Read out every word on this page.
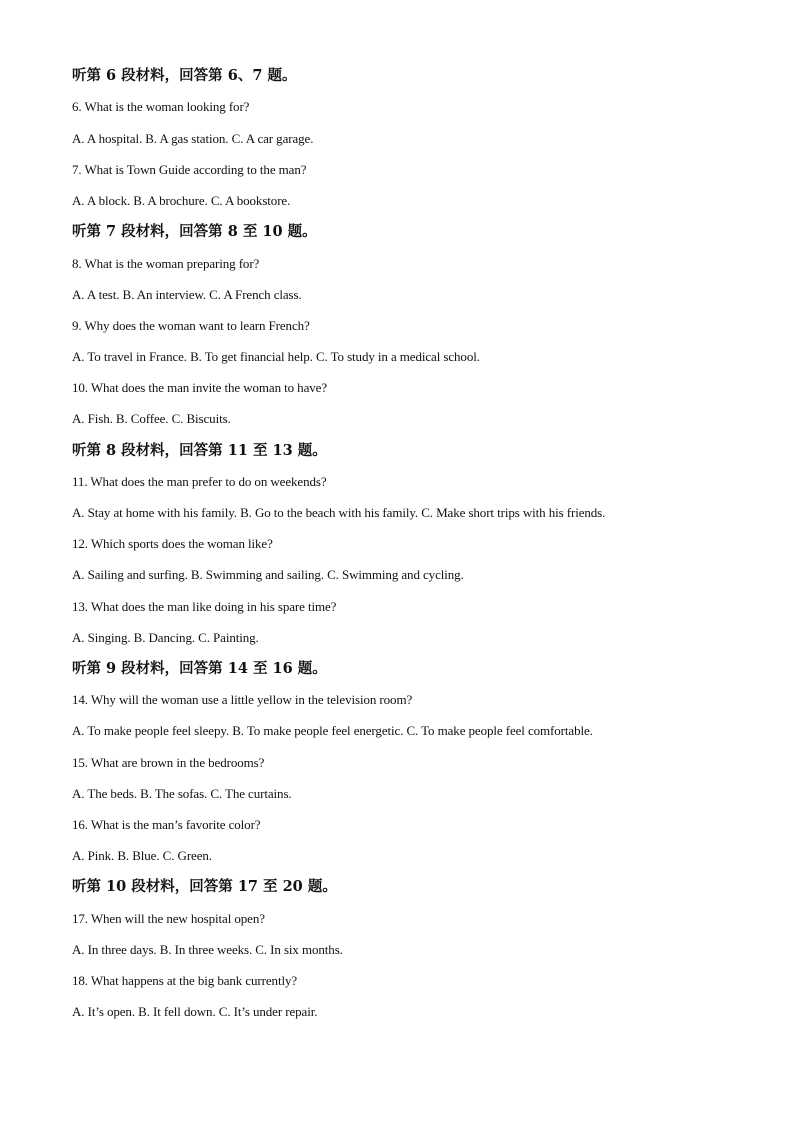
听第 6 段材料，回答第 6、7 题。
6. What is the woman looking for?
A. A hospital. B. A gas station. C. A car garage.
7. What is Town Guide according to the man?
A. A block. B. A brochure. C. A bookstore.
听第 7 段材料，回答第 8 至 10 题。
8. What is the woman preparing for?
A. A test. B. An interview. C. A French class.
9. Why does the woman want to learn French?
A. To travel in France. B. To get financial help. C. To study in a medical school.
10. What does the man invite the woman to have?
A. Fish. B. Coffee. C. Biscuits.
听第 8 段材料，回答第 11 至 13 题。
11. What does the man prefer to do on weekends?
A. Stay at home with his family. B. Go to the beach with his family. C. Make short trips with his friends.
12. Which sports does the woman like?
A. Sailing and surfing. B. Swimming and sailing. C. Swimming and cycling.
13. What does the man like doing in his spare time?
A. Singing. B. Dancing. C. Painting.
听第 9 段材料，回答第 14 至 16 题。
14. Why will the woman use a little yellow in the television room?
A. To make people feel sleepy. B. To make people feel energetic. C. To make people feel comfortable.
15. What are brown in the bedrooms?
A. The beds. B. The sofas. C. The curtains.
16. What is the man’s favorite color?
A. Pink. B. Blue. C. Green.
听第 10 段材料，回答第 17 至 20 题。
17. When will the new hospital open?
A. In three days. B. In three weeks. C. In six months.
18. What happens at the big bank currently?
A. It’s open. B. It fell down. C. It’s under repair.
